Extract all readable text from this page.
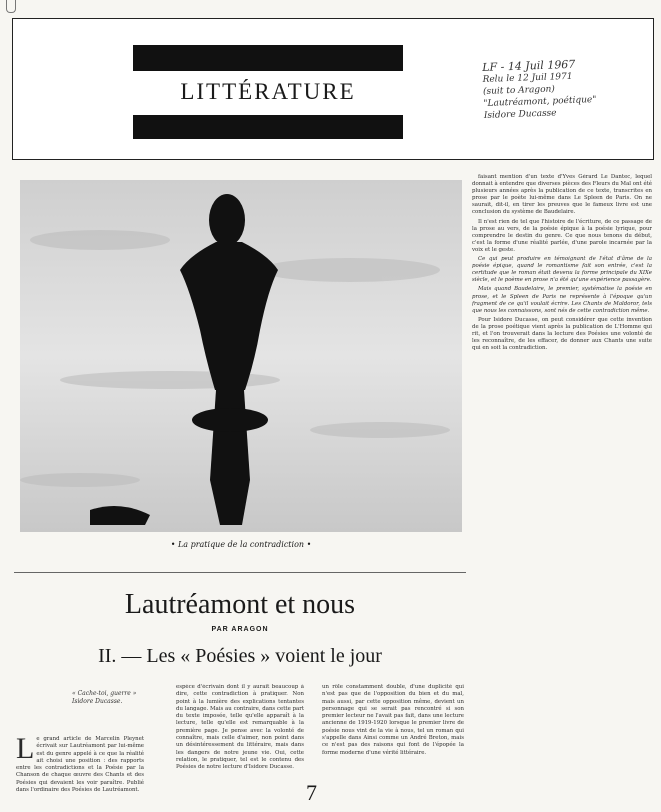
LITTÉRATURE
LF - 14 Juil 1967
Relu le 12 Juil 1971
(suit to Aragon)
"Lautréamont, poétique"
Isidore Ducasse
• La pratique de la contradiction •
Lautréamont et nous
PAR ARAGON
II. — Les « Poésies » voient le jour
« Cache-toi, guerre »
Isidore Ducasse.
L e grand article de Marcelin Pleynet écrivait sur Lautréamont par lui-même est du genre appelé à ce que la réalité ait choisi une position : des rapports entre les contradictions et la Poésie par la Chanson de chaque œuvre des Chants et des Poésies qui devaient les voir paraître. Publié dans l'ordinaire des Poésies de Lautréamont.
espèce d'écrivain dont il y aurait beaucoup à dire, cette contradiction à pratiquer. Non point à la lumière des explications tentantes du langage. Mais au contraire, dans cette part du texte imposée, telle qu'elle apparaît à la lecture, telle qu'elle est remarquable à la première page. Je pense avec la volonté de connaître, mais celle d'aimer, non point dans un désintéressement du littéraire, mais dans les dangers de notre jeune vie. Oui, cette relation, le pratiquer, tel est le contenu des Poésies de notre lecture d'Isidore Ducasse.
un rôle constamment double, d'une duplicité qui n'est pas que de l'opposition du bien et du mal, mais aussi, par cette opposition même, devient un personnage qui se serait pas rencontré si son premier lecteur ne l'avait pas fait, dans une lecture ancienne de 1919-1920 lorsque le premier livre de poésie nous vint de la vie à nous, tel un roman qui s'appelle dans Ainsi comme un André Breton, mais ce n'est pas des raisons qui font de l'épopée la forme moderne d'une vérité littéraire.
7

faisant mention d'un texte d'Yves Gérard Le Dantec, lequel donnait à entendre que diverses pièces des Fleurs du Mal ont été plusieurs années après la publication de ce texte, transcrites en prose par le poète lui-même dans Le Spleen de Paris. On ne saurait, dit-il, en tirer les preuves que le fameux livre est une conclusion du système de Baudelaire.

Il n'est rien de tel que l'histoire de l'écriture, de ce passage de la prose au vers, de la poésie épique à la poésie lyrique, pour comprendre le destin du genre. Ce que nous tenons du début, c'est la forme d'une réalité parlée, d'une parole incarnée par la voix et le geste.

Ce qui peut produire en témoignant de l'état d'âme de la poésie épique, quand le romantisme fait son entrée, c'est la certitude que le roman était devenu la forme principale du XIXe siècle, et le poème en prose n'a été qu'une expérience passagère.

Mais quand Baudelaire, le premier, systématise la poésie en prose, et le Spleen de Paris ne représente à l'époque qu'un fragment de ce qu'il voulait écrire. Les Chants de Maldoror, tels que nous les connaissons, sont nés de cette contradiction même.

Pour Isidore Ducasse, on peut considérer que cette invention de la prose poétique vient après la publication de L'Homme qui rit, et l'on trouverait dans la lecture des Poésies une volonté de les reconnaître, de les effacer, de donner aux Chants une suite qui en soit la contradiction.
